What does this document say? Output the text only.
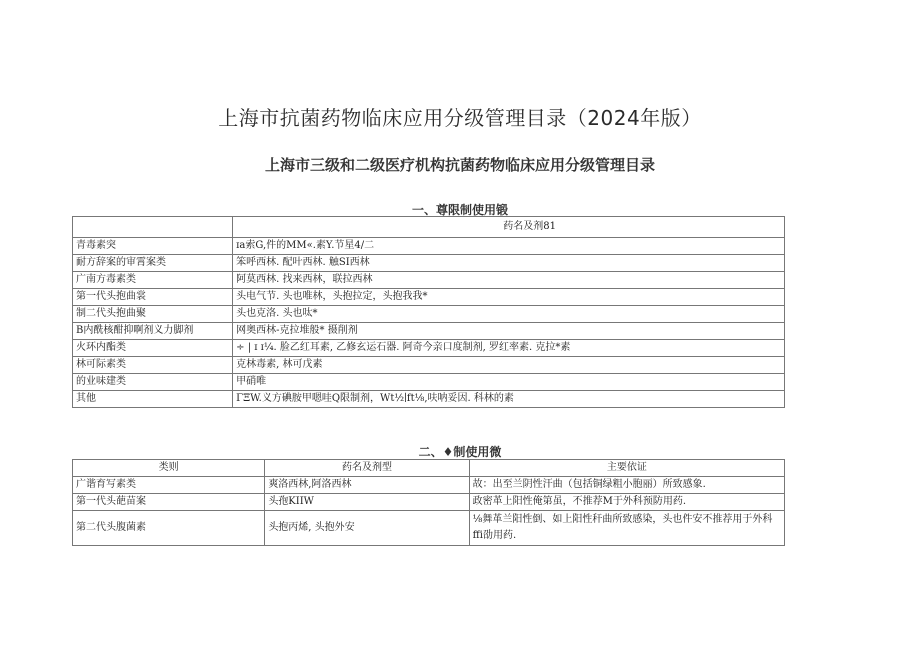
上海市抗菌药物临床应用分级管理目录（2024年版）
上海市三级和二级医疗机构抗菌药物临床应用分级管理目录
一、尊限制使用锻
	药名及剂81
青毒素突	ɪa索G,件的MM«.素Y.节星4/二
耐方辞案的审霄案类	笨呼西林. 配叶西林. 触SI西林
广南方毒素类	阿莫西林. 找来西林，联拉西林
第一代头抱曲裳	头电气节. 头也唯林，头抱拉定，头抱我我*
制二代头抱曲聚	头也克洛. 头也呔*
B内酰核酣抑啊剂义力脚剂	网奥西林-克拉堆般* 摄削剂
火环内酯类	÷ | ɪ ɪ¼. 脸乙红耳素, 乙修玄运石器. 阿奇今亲口度制剂, 罗红率素. 克拉*素
林可际素类	克林毒素, 林可戊素
的业味建类	甲硝唯
其他	ΓΞW.义方碘胺甲嗯哇Q限制剂，Wt½∣ft⅛,呋呐妥因. 科林的素
二、♦制使用微
类则	药名及剂型	主要依证
广谐育写素类	爽洛西林,阿洛西林	故：出至兰阴性汗曲（包括铜绿粗小胞丽）所致感象.
第一代头葩苗案	头孢KIIW	政密革上阳性俺第虽，不推荐M于外科预防用药.
第二代头腹菌素	头抱丙烯, 头抱外安	⅛舞革兰阳性倒、如上阳性秆曲所致感染，头也件安不推荐用于外科ffi劭用药.
